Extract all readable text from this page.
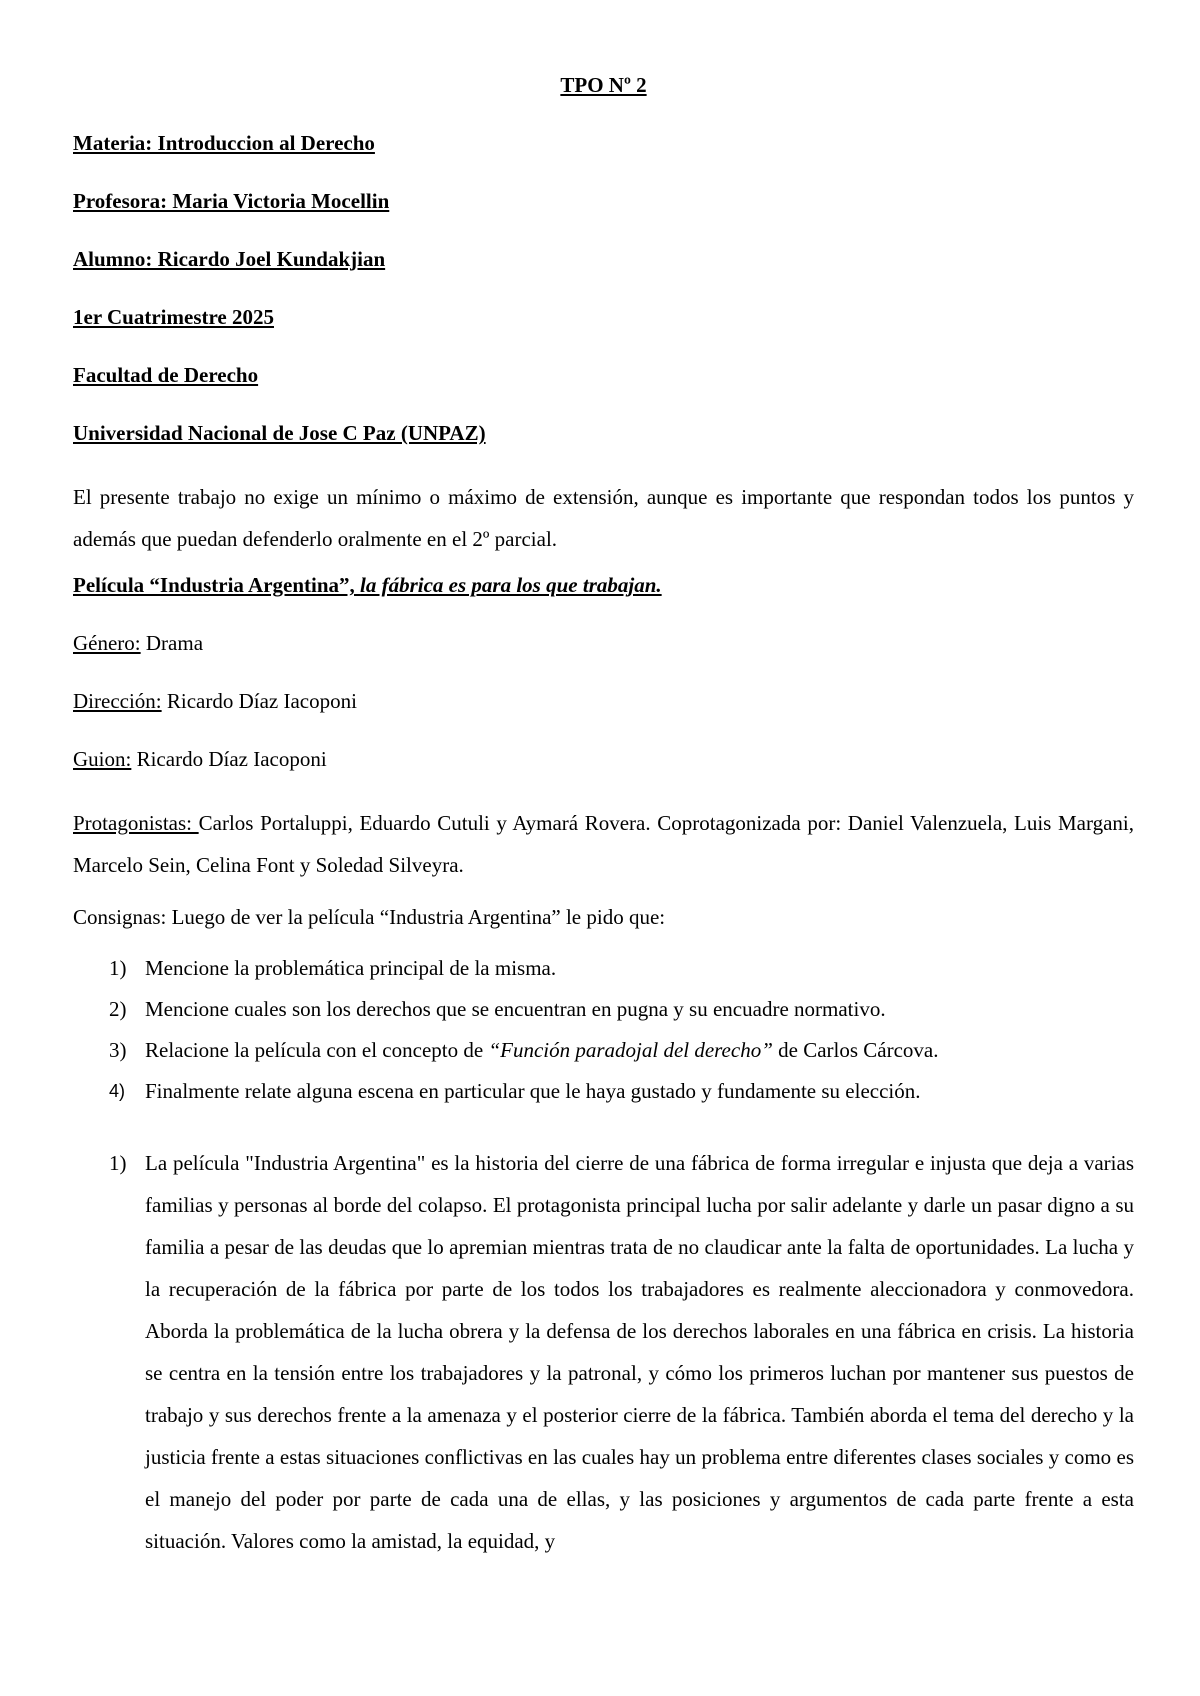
TPO Nº 2

Materia: Introduccion al Derecho

Profesora: Maria Victoria Mocellin

Alumno: Ricardo Joel Kundakjian

1er Cuatrimestre 2025

Facultad de Derecho

Universidad Nacional de Jose C Paz (UNPAZ)

El presente trabajo no exige un mínimo o máximo de extensión, aunque es importante que respondan todos los puntos y además que puedan defenderlo oralmente en el 2º parcial.

Película “Industria Argentina”, la fábrica es para los que trabajan.

Género: Drama

Dirección: Ricardo Díaz Iacoponi

Guion: Ricardo Díaz Iacoponi

Protagonistas: Carlos Portaluppi, Eduardo Cutuli y Aymará Rovera. Coprotagonizada por: Daniel Valenzuela, Luis Margani, Marcelo Sein, Celina Font y Soledad Silveyra.

Consignas: Luego de ver la película “Industria Argentina” le pido que:

1) Mencione la problemática principal de la misma.
2) Mencione cuales son los derechos que se encuentran en pugna y su encuadre normativo.
3) Relacione la película con el concepto de “Función paradojal del derecho” de Carlos Cárcova.
4) Finalmente relate alguna escena en particular que le haya gustado y fundamente su elección.
1) La película "Industria Argentina" es la historia del cierre de una fábrica de forma irregular e injusta que deja a varias familias y personas al borde del colapso. El protagonista principal lucha por salir adelante y darle un pasar digno a su familia a pesar de las deudas que lo apremian mientras trata de no claudicar ante la falta de oportunidades. La lucha y la recuperación de la fábrica por parte de los todos los trabajadores es realmente aleccionadora y conmovedora. Aborda la problemática de la lucha obrera y la defensa de los derechos laborales en una fábrica en crisis. La historia se centra en la tensión entre los trabajadores y la patronal, y cómo los primeros luchan por mantener sus puestos de trabajo y sus derechos frente a la amenaza y el posterior cierre de la fábrica. También aborda el tema del derecho y la justicia frente a estas situaciones conflictivas en las cuales hay un problema entre diferentes clases sociales y como es el manejo del poder por parte de cada una de ellas, y las posiciones y argumentos de cada parte frente a esta situación. Valores como la amistad, la equidad, y
